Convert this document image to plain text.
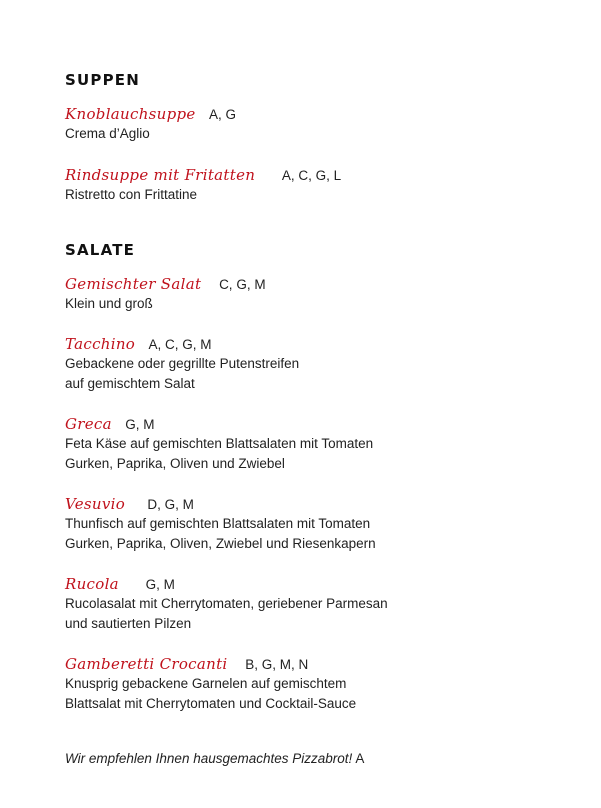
SUPPEN
Knoblauchsuppe A, G
Crema d’Aglio
Rindsuppe mit Fritatten A, C, G, L
Ristretto con Frittatine
SALATE
Gemischter Salat C, G, M
Klein und groß
Tacchino A, C, G, M
Gebackene oder gegrillte Putenstreifen
auf gemischtem Salat
Greca G, M
Feta Käse auf gemischten Blattsalaten mit Tomaten
Gurken, Paprika, Oliven und Zwiebel
Vesuvio D, G, M
Thunfisch auf gemischten Blattsalaten mit Tomaten
Gurken, Paprika, Oliven, Zwiebel und Riesenkapern
Rucola G, M
Rucolasalat mit Cherrytomaten, geriebener Parmesan
und sautierten Pilzen
Gamberetti Crocanti B, G, M, N
Knusprig gebackene Garnelen auf gemischtem
Blattsalat mit Cherrytomaten und Cocktail-Sauce
Wir empfehlen Ihnen hausgemachtes Pizzabrot! A
